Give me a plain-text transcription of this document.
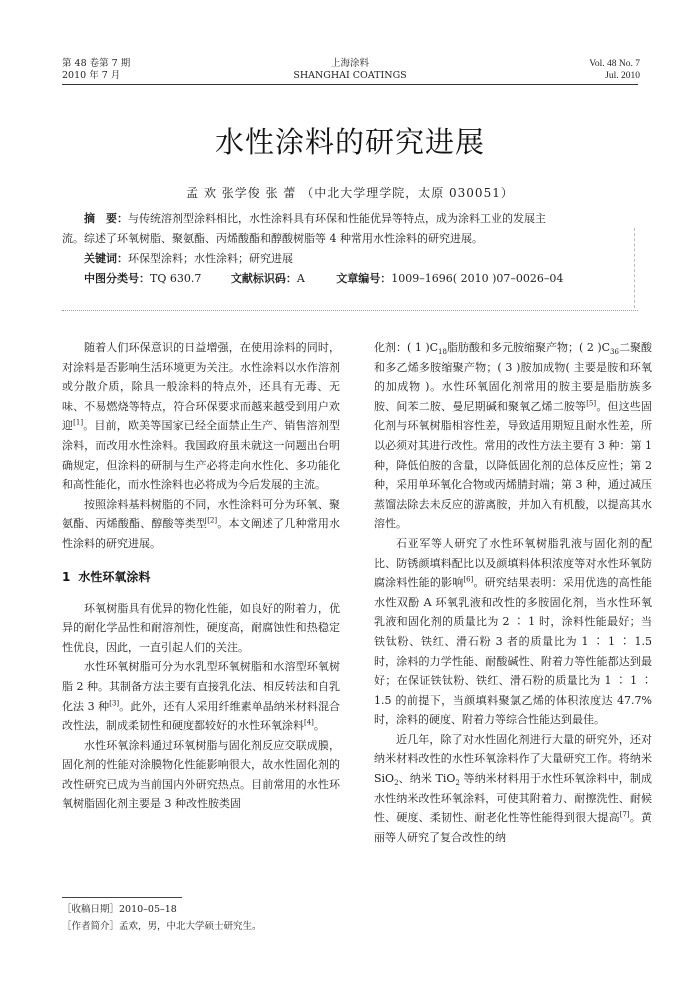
第 48 卷第 7 期
2010 年 7 月
上海涂料
SHANGHAI COATINGS
Vol. 48 No. 7
Jul. 2010
水性涂料的研究进展
孟 欢 张学俊 张 蕾 （中北大学理学院，太原 030051）
摘　要：与传统溶剂型涂料相比，水性涂料具有环保和性能优异等特点，成为涂料工业的发展主
流。综述了环氧树脂、聚氨酯、丙烯酸酯和醇酸树脂等 4 种常用水性涂料的研究进展。
关键词：环保型涂料；水性涂料；研究进展
中图分类号：TQ 630.7	文献标识码：A	文章编号：1009–1696( 2010 )07–0026–04

随着人们环保意识的日益增强，在使用涂料的同时，对涂料是否影响生活环境更为关注。水性涂料以水作溶剂或分散介质，除具一般涂料的特点外，还具有无毒、无味、不易燃烧等特点，符合环保要求而越来越受到用户欢迎[1]。目前，欧美等国家已经全面禁止生产、销售溶剂型涂料，而改用水性涂料。我国政府虽未就这一问题出台明确规定，但涂料的研制与生产必将走向水性化、多功能化和高性能化，而水性涂料也必将成为今后发展的主流。

按照涂料基料树脂的不同，水性涂料可分为环氧、聚氨酯、丙烯酸酯、醇酸等类型[2]。本文阐述了几种常用水性涂料的研究进展。

1 水性环氧涂料

环氧树脂具有优异的物化性能，如良好的附着力，优异的耐化学品性和耐溶剂性，硬度高，耐腐蚀性和热稳定性优良，因此，一直引起人们的关注。

水性环氧树脂可分为水乳型环氧树脂和水溶型环氧树脂 2 种。其制备方法主要有直接乳化法、相反转法和自乳化法 3 种[3]。此外，还有人采用纤维素单晶纳米材料混合改性法，制成柔韧性和硬度都较好的水性环氧涂料[4]。

水性环氧涂料通过环氧树脂与固化剂反应交联成膜，固化剂的性能对涂膜物化性能影响很大，故水性固化剂的改性研究已成为当前国内外研究热点。目前常用的水性环氧树脂固化剂主要是 3 种改性胺类固

化剂：( 1 )$C_{18}$脂肪酸和多元胺缩聚产物；( 2 )$C_{36}$二聚酸和多乙烯多胺缩聚产物；( 3 )胺加成物( 主要是胺和环氧的加成物 )。水性环氧固化剂常用的胺主要是脂肪族多胺、间苯二胺、曼尼期碱和聚氧乙烯二胺等[5]。但这些固化剂与环氧树脂相容性差，导致适用期短且耐水性差，所以必须对其进行改性。常用的改性方法主要有 3 种：第 1 种，降低伯胺的含量，以降低固化剂的总体反应性；第 2 种，采用单环氧化合物或丙烯腈封端；第 3 种，通过减压蒸馏法除去未反应的游离胺，并加入有机酸，以提高其水溶性。

石亚军等人研究了水性环氧树脂乳液与固化剂的配比、防锈颜填料配比以及颜填料体积浓度等对水性环氧防腐涂料性能的影响[6]。研究结果表明：采用优选的高性能水性双酚 A 环氧乳液和改性的多胺固化剂，当水性环氧乳液和固化剂的质量比为 2 ∶ 1 时，涂料性能最好；当铁钛粉、铁红、滑石粉 3 者的质量比为 1 ∶ 1 ∶ 1.5 时，涂料的力学性能、耐酸碱性、附着力等性能都达到最好；在保证铁钛粉、铁红、滑石粉的质量比为 1 ∶ 1 ∶ 1.5 的前提下，当颜填料聚氯乙烯的体积浓度达 47.7% 时，涂料的硬度、附着力等综合性能达到最佳。

近几年，除了对水性固化剂进行大量的研究外，还对纳米材料改性的水性环氧涂料作了大量研究工作。将纳米 SiO$_2$、纳米 TiO$_2$ 等纳米材料用于水性环氧涂料中，制成水性纳米改性环氧涂料，可使其附着力、耐擦洗性、耐候性、硬度、柔韧性、耐老化性等性能得到很大提高[7]。黄丽等人研究了复合改性的纳

［收稿日期］2010–05–18
［作者简介］孟欢，男，中北大学硕士研究生。
